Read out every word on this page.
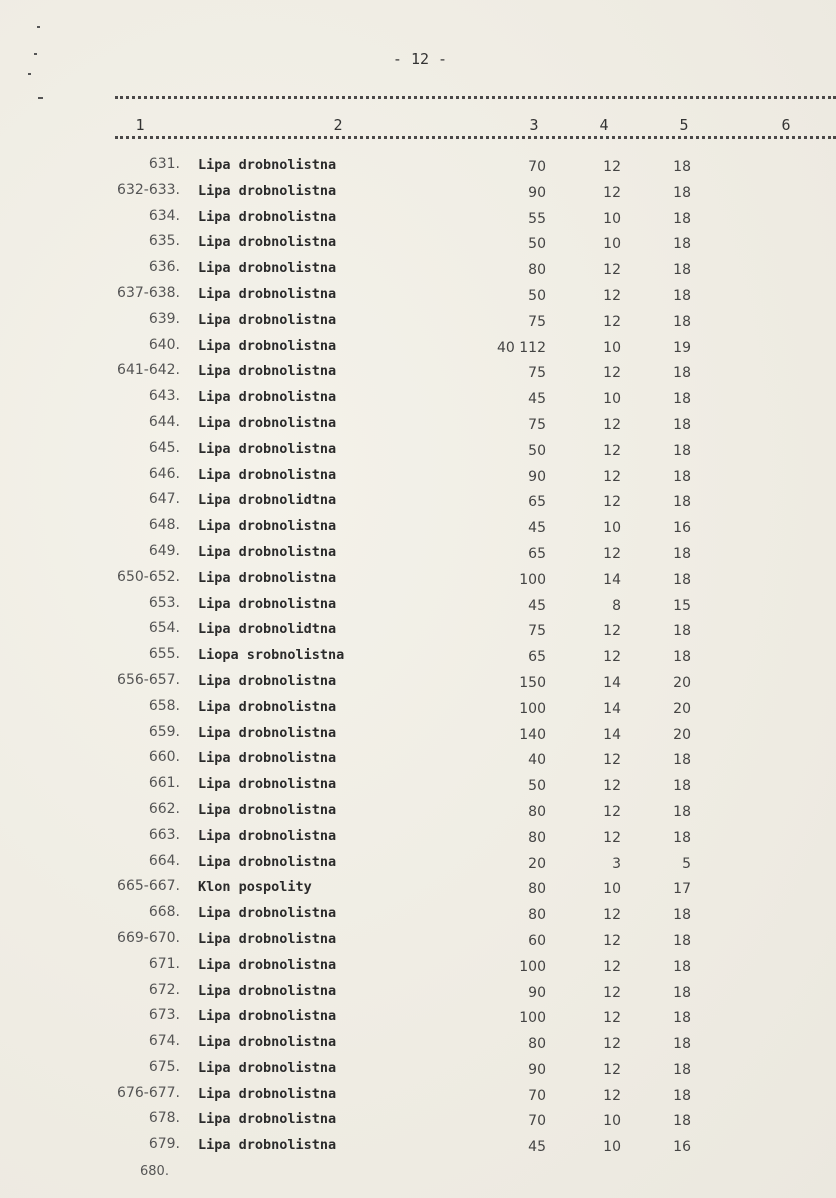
- 12 -
1	2	3	4	5	6
631. Lipa drobnolistna	70	12	18
632-633. Lipa drobnolistna	90	12	18
634. Lipa drobnolistna	55	10	18
635. Lipa drobnolistna	50	10	18
636. Lipa drobnolistna	80	12	18
637-638. Lipa drobnolistna	50	12	18
639. Lipa drobnolistna	75	12	18
640. Lipa drobnolistna	40 112	10	19
641-642. Lipa drobnolistna	75	12	18
643. Lipa drobnolistna	45	10	18
644. Lipa drobnolistna	75	12	18
645. Lipa drobnolistna	50	12	18
646. Lipa drobnolistna	90	12	18
647. Lipa drobnolidtna	65	12	18
648. Lipa drobnolistna	45	10	16
649. Lipa drobnolistna	65	12	18
650-652. Lipa drobnolistna	100	14	18
653. Lipa drobnolistna	45	8	15
654. Lipa drobnolidtna	75	12	18
655. Liopa srobnolistna	65	12	18
656-657. Lipa drobnolistna	150	14	20
658. Lipa drobnolistna	100	14	20
659. Lipa drobnolistna	140	14	20
660. Lipa drobnolistna	40	12	18
661. Lipa drobnolistna	50	12	18
662. Lipa drobnolistna	80	12	18
663. Lipa drobnolistna	80	12	18
664. Lipa drobnolistna	20	3	5
665-667. Klon pospolity	80	10	17
668. Lipa drobnolistna	80	12	18
669-670. Lipa drobnolistna	60	12	18
671. Lipa drobnolistna	100	12	18
672. Lipa drobnolistna	90	12	18
673. Lipa drobnolistna	100	12	18
674. Lipa drobnolistna	80	12	18
675. Lipa drobnolistna	90	12	18
676-677. Lipa drobnolistna	70	12	18
678. Lipa drobnolistna	70	10	18
679. Lipa drobnolistna	45	10	16
680.
